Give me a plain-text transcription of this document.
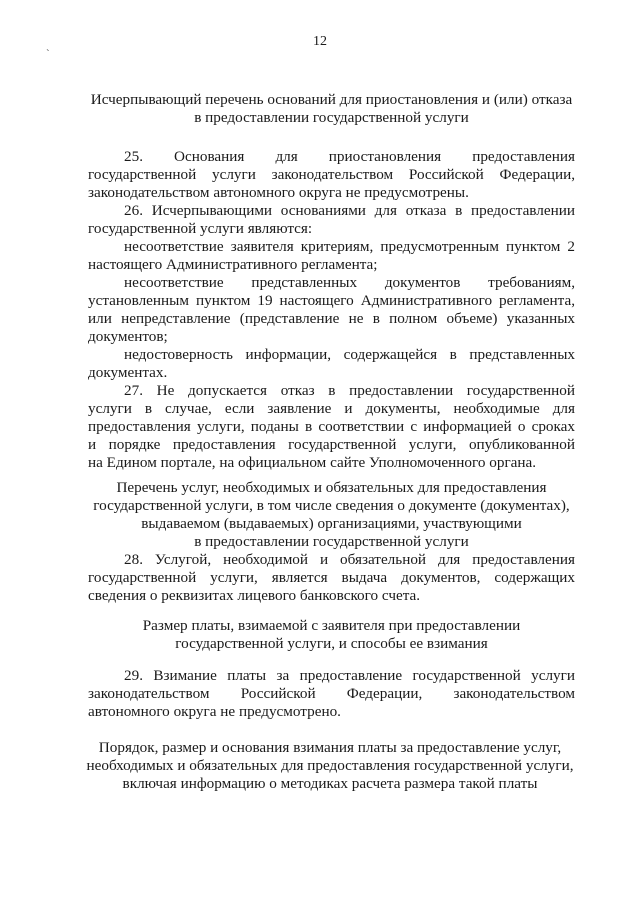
12
`
Исчерпывающий перечень оснований для приостановления и (или) отказа
в предоставлении государственной услуги
25. Основания для приостановления предоставления
государственной услуги законодательством Российской Федерации,
законодательством автономного округа не предусмотрены.
26. Исчерпывающими основаниями для отказа в предоставлении
государственной услуги являются:
несоответствие заявителя критериям, предусмотренным пунктом 2
настоящего Административного регламента;
несоответствие представленных документов требованиям,
установленным пунктом 19 настоящего Административного регламента,
или непредставление (представление не в полном объеме) указанных
документов;
недостоверность информации, содержащейся в представленных
документах.
27. Не допускается отказ в предоставлении государственной
услуги в случае, если заявление и документы, необходимые для
предоставления услуги, поданы в соответствии с информацией о сроках
и порядке предоставления государственной услуги, опубликованной
на Едином портале, на официальном сайте Уполномоченного органа.
Перечень услуг, необходимых и обязательных для предоставления
государственной услуги, в том числе сведения о документе (документах),
выдаваемом (выдаваемых) организациями, участвующими
в предоставлении государственной услуги
28. Услугой, необходимой и обязательной для предоставления
государственной услуги, является выдача документов, содержащих
сведения о реквизитах лицевого банковского счета.
Размер платы, взимаемой с заявителя при предоставлении
государственной услуги, и способы ее взимания
29. Взимание платы за предоставление государственной услуги
законодательством Российской Федерации, законодательством
автономного округа не предусмотрено.
Порядок, размер и основания взимания платы за предоставление услуг,
необходимых и обязательных для предоставления государственной услуги,
включая информацию о методиках расчета размера такой платы
